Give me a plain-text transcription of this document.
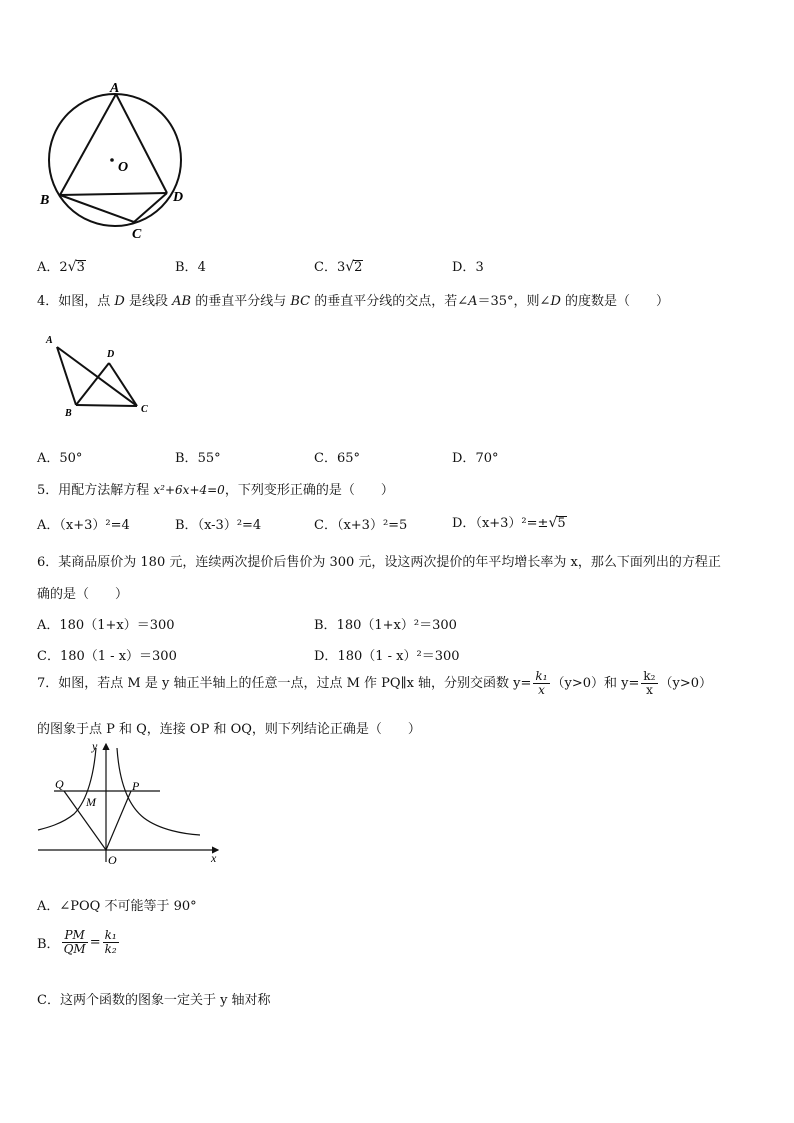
A
O
B	D
C
A．2√3	B．4	C．3√2	D．3
4．如图，点 D 是线段 AB 的垂直平分线与 BC 的垂直平分线的交点，若∠A＝35°，则∠D 的度数是（　　）
A
D
B	C
A．50°	B．55°	C．65°	D．70°
5．用配方法解方程 x²+6x+4=0，下列变形正确的是（　　）
A．（x+3）²=4	B．（x-3）²=4	C．（x+3）²=5	D．（x+3）²=±√5
6．某商品原价为 180 元，连续两次提价后售价为 300 元，设这两次提价的年平均增长率为 x，那么下面列出的方程正
确的是（　　）
A．180（1+x）＝300	B．180（1+x）²＝300
C．180（1 - x）＝300	D．180（1 - x）²＝300
7．如图，若点 M 是 y 轴正半轴上的任意一点，过点 M 作 PQ∥x 轴，分别交函数 $y= \frac{\text{k₁}}{x} (y>0)$和 $y= \frac{\text{k₂}}{x} (y>0)$
的图象于点 P 和 Q，连接 OP 和 OQ，则下列结论正确是（　　）
y
Q
M
P
O	x
A．∠POQ 不可能等于 90°
B． $\frac{PM}{QM} = \frac{\text{k₁}}{\text{k₂}}$
C．这两个函数的图象一定关于 y 轴对称
